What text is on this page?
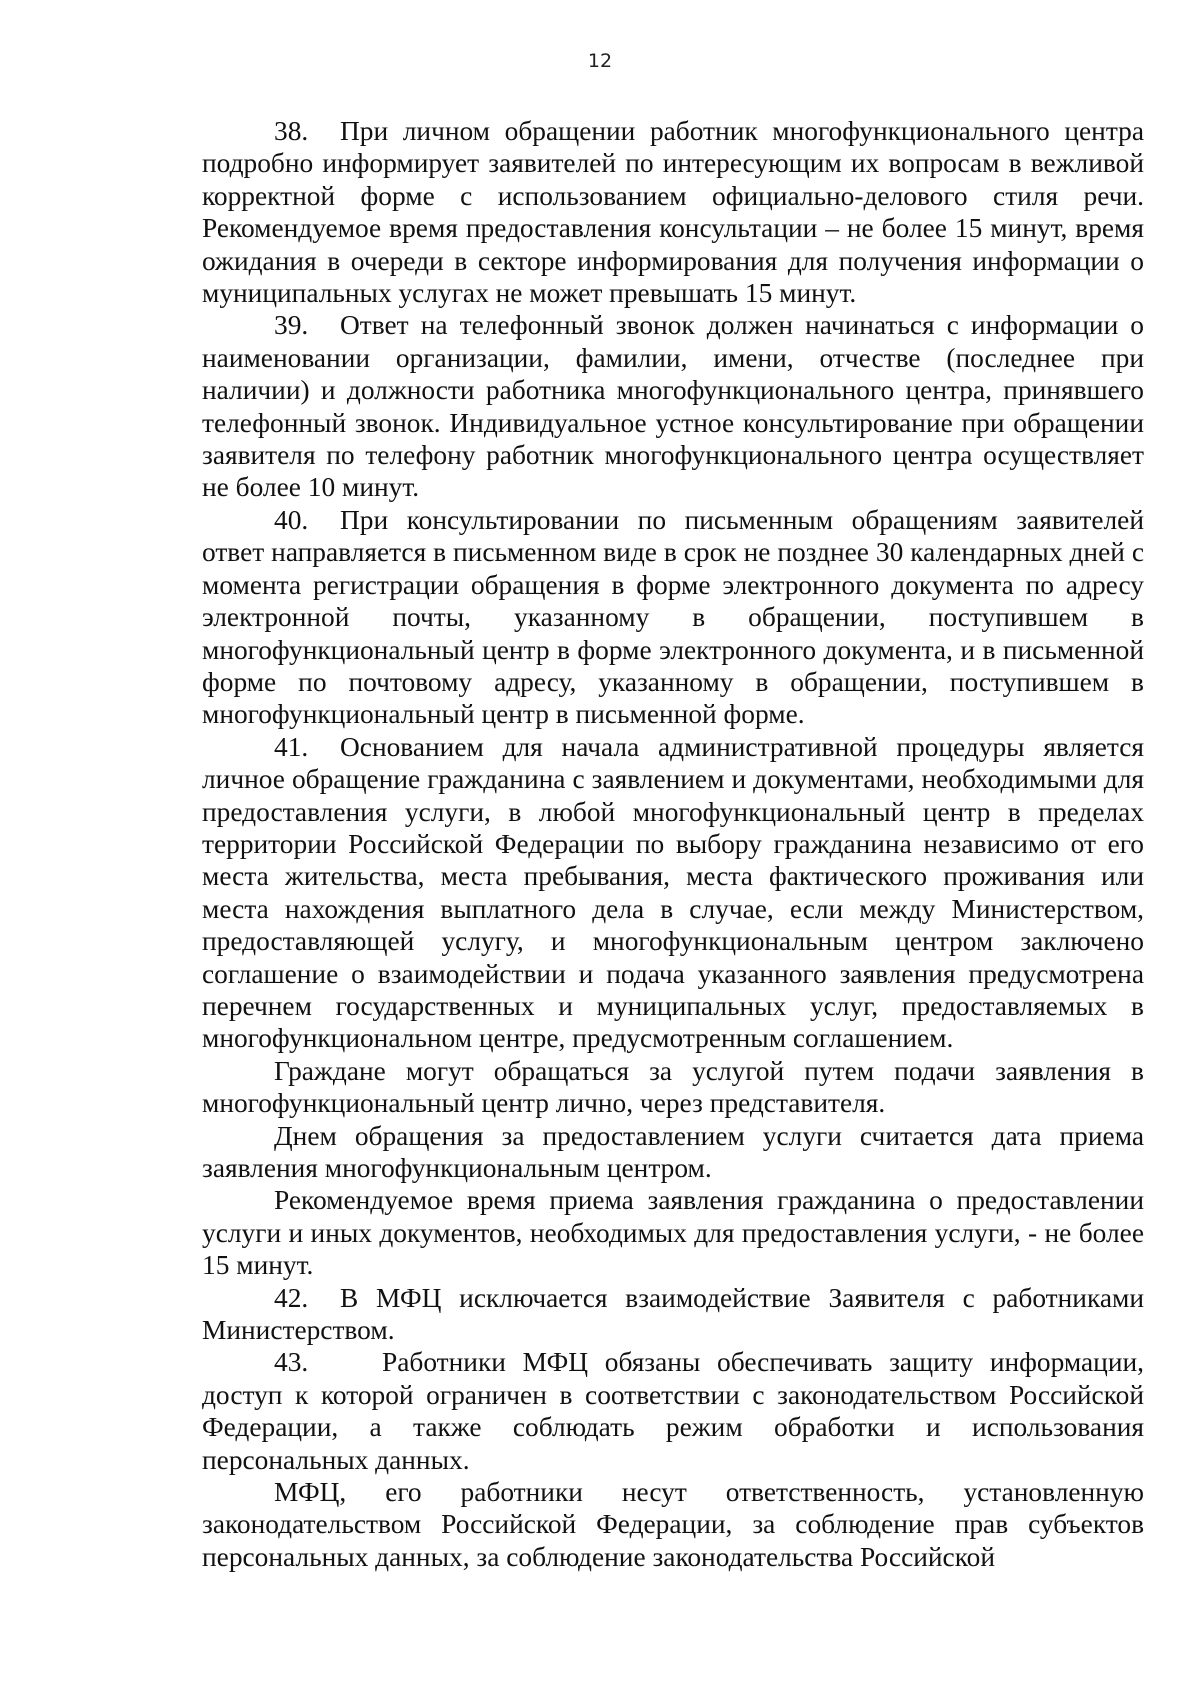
12

38. При личном обращении работник многофункционального центра подробно информирует заявителей по интересующим их вопросам в вежливой корректной форме с использованием официально-делового стиля речи. Рекомендуемое время предоставления консультации – не более 15 минут, время ожидания в очереди в секторе информирования для получения информации о муниципальных услугах не может превышать 15 минут.

39. Ответ на телефонный звонок должен начинаться с информации о наименовании организации, фамилии, имени, отчестве (последнее при наличии) и должности работника многофункционального центра, принявшего телефонный звонок. Индивидуальное устное консультирование при обращении заявителя по телефону работник многофункционального центра осуществляет не более 10 минут.

40. При консультировании по письменным обращениям заявителей ответ направляется в письменном виде в срок не позднее 30 календарных дней с момента регистрации обращения в форме электронного документа по адресу электронной почты, указанному в обращении, поступившем в многофункциональный центр в форме электронного документа, и в письменной форме по почтовому адресу, указанному в обращении, поступившем в многофункциональный центр в письменной форме.

41. Основанием для начала административной процедуры является личное обращение гражданина с заявлением и документами, необходимыми для предоставления услуги, в любой многофункциональный центр в пределах территории Российской Федерации по выбору гражданина независимо от его места жительства, места пребывания, места фактического проживания или места нахождения выплатного дела в случае, если между Министерством, предоставляющей услугу, и многофункциональным центром заключено соглашение о взаимодействии и подача указанного заявления предусмотрена перечнем государственных и муниципальных услуг, предоставляемых в многофункциональном центре, предусмотренным соглашением.

Граждане могут обращаться за услугой путем подачи заявления в многофункциональный центр лично, через представителя.

Днем обращения за предоставлением услуги считается дата приема заявления многофункциональным центром.

Рекомендуемое время приема заявления гражданина о предоставлении услуги и иных документов, необходимых для предоставления услуги, - не более 15 минут.

42. В МФЦ исключается взаимодействие Заявителя с работниками Министерством.

43.	Работники МФЦ обязаны обеспечивать защиту информации, доступ к которой ограничен в соответствии с законодательством Российской Федерации, а также соблюдать режим обработки и использования персональных данных.

МФЦ, его работники несут ответственность, установленную законодательством Российской Федерации, за соблюдение прав субъектов персональных данных, за соблюдение законодательства Российской
